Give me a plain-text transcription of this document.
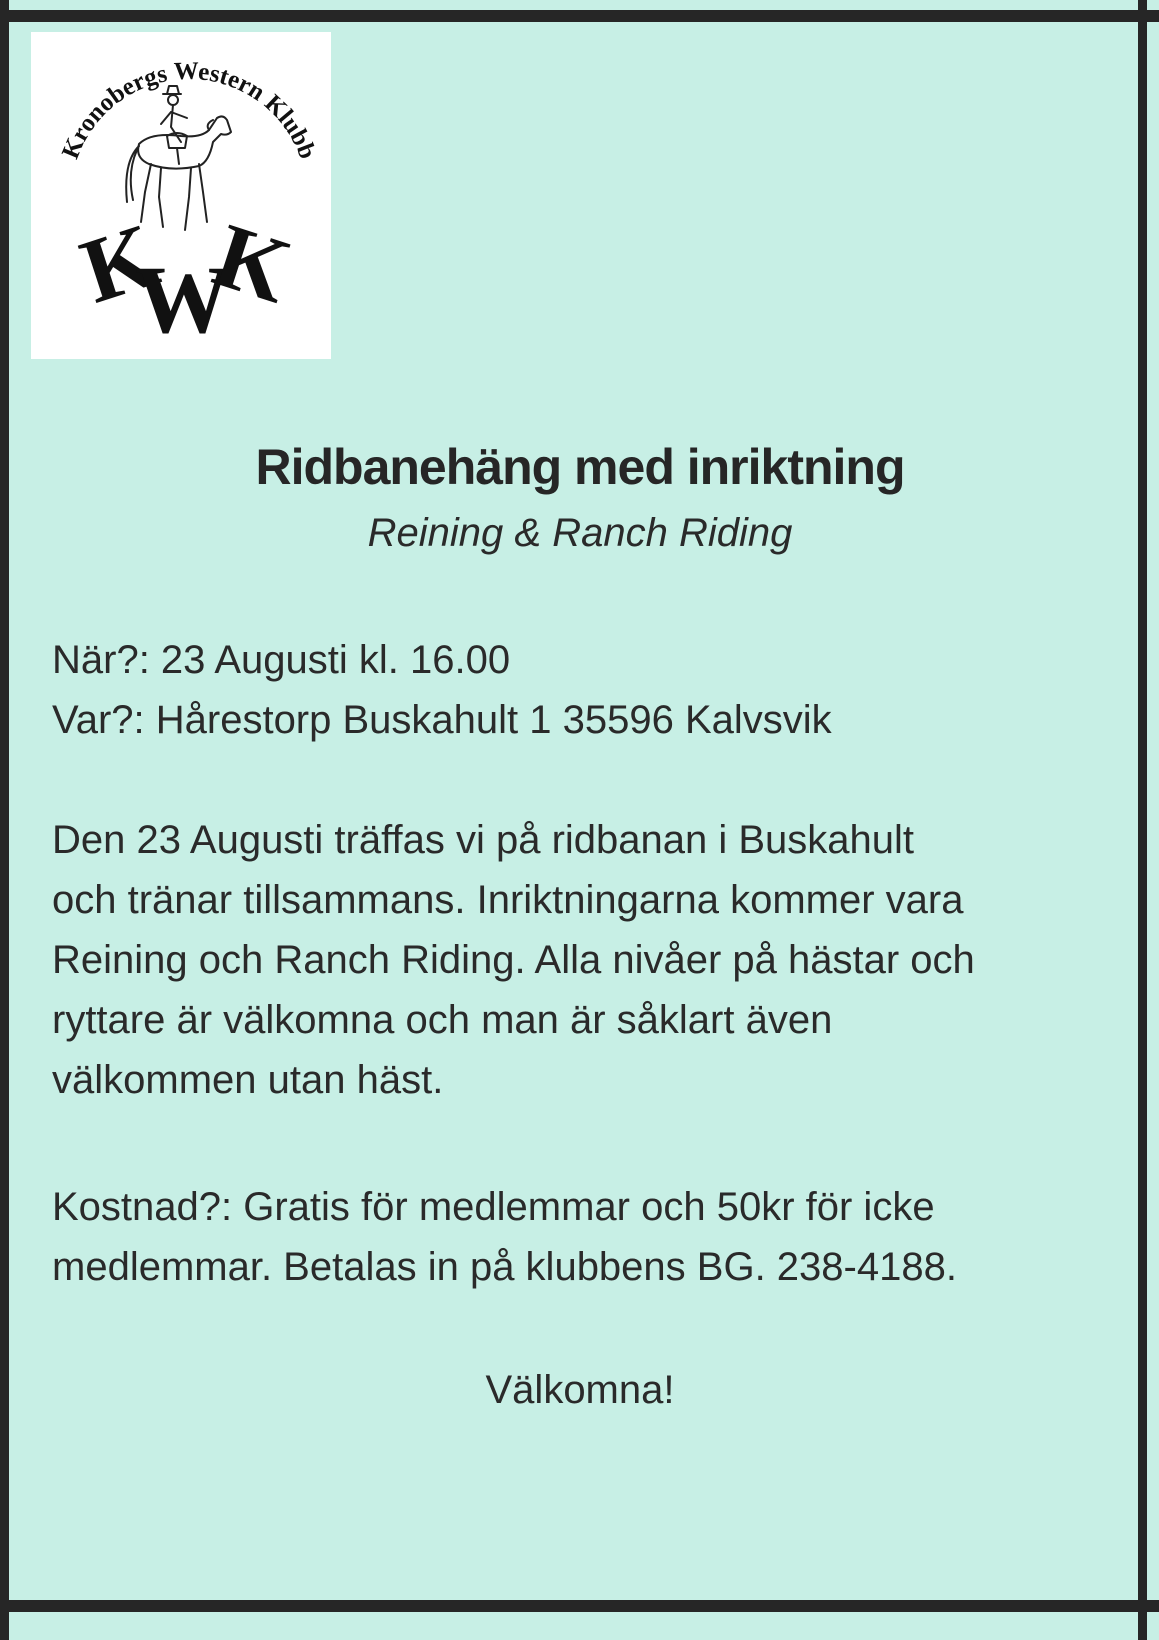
Kronobergs Western Klubb
K
W
K
Ridbanehäng med inriktning

Reining & Ranch Riding

När?: 23 Augusti kl. 16.00
Var?: Hårestorp Buskahult 1 35596 Kalvsvik

Den 23 Augusti träffas vi på ridbanan i Buskahult
och tränar tillsammans. Inriktningarna kommer vara
Reining och Ranch Riding. Alla nivåer på hästar och
ryttare är välkomna och man är såklart även
välkommen utan häst.

Kostnad?: Gratis för medlemmar och 50kr för icke
medlemmar. Betalas in på klubbens BG. 238-4188.

Välkomna!
